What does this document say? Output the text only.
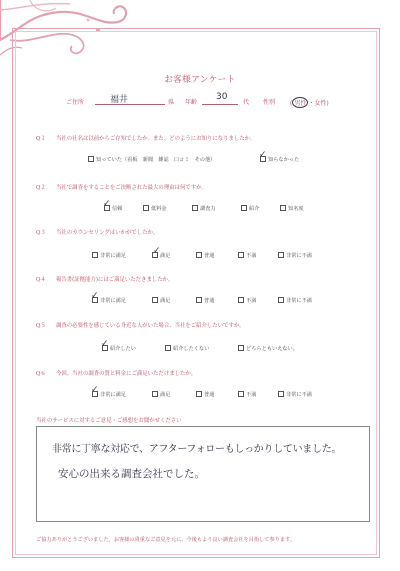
お客様アンケート
ご住所	福井	県 年齢
30
代 性別 ( 男性 ・女性)
Q１ 当社の社名は以前からご存知でしたか。また、どのようにお知りになりましたか。
知っていた（看板　新聞　雑誌　口コミ　その他）	知らなかった
✓
Q２ 当社で調査をすることをご決断された最大の理由は何ですか。
信頼	低料金	調査力	紹介	知名度
✓
Q３ 当社のカウンセリングはいかがでしたか。
非常に満足	満足	普通	不満	非常に不満
✓
Q４ 報告書(証拠能力)にはご満足いただきましたか。
非常に満足	満足	普通	不満	非常に不満
✓
Q５ 調査の必要性を感じている身近な人がいた場合、当社をご紹介したいですか。
紹介したい	紹介したくない	どちらともいえない。
✓
Q６ 今回、当社の調査の質と料金にご満足いただけましたか。
非常に満足	満足	普通	不満	非常に不満
✓
当社のサービスに対するご意見・ご感想をお聞かせください
非常に丁寧な対応で、アフターフォローもしっかりしていました。
安心の出来る調査会社でした。
ご協力ありがとうございました。お客様の貴重なご意見を元に、今後もより良い調査会社を目指して参ります。
